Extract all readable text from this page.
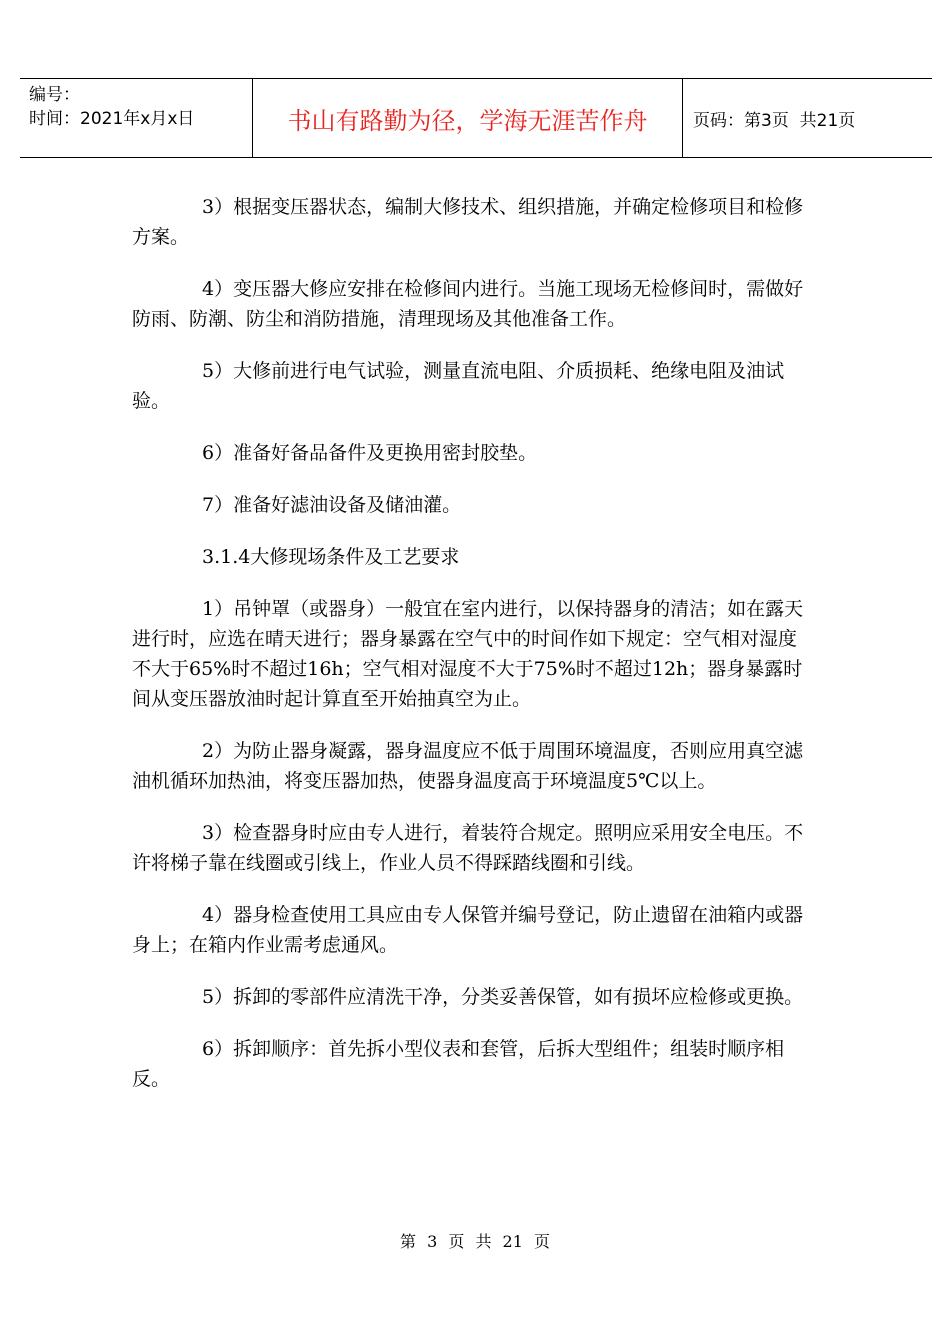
编号：
时间：2021年x月x日	书山有路勤为径，学海无涯苦作舟	页码：第3页  共21页

3）根据变压器状态，编制大修技术、组织措施，并确定检修项目和检修方案。

4）变压器大修应安排在检修间内进行。当施工现场无检修间时，需做好防雨、防潮、防尘和消防措施，清理现场及其他准备工作。

5）大修前进行电气试验，测量直流电阻、介质损耗、绝缘电阻及油试验。

6）准备好备品备件及更换用密封胶垫。

7）准备好滤油设备及储油灌。

3.1.4大修现场条件及工艺要求

1）吊钟罩（或器身）一般宜在室内进行，以保持器身的清洁；如在露天进行时，应选在晴天进行；器身暴露在空气中的时间作如下规定：空气相对湿度不大于65%时不超过16h；空气相对湿度不大于75%时不超过12h；器身暴露时间从变压器放油时起计算直至开始抽真空为止。

2）为防止器身凝露，器身温度应不低于周围环境温度，否则应用真空滤油机循环加热油，将变压器加热，使器身温度高于环境温度5℃以上。

3）检查器身时应由专人进行，着装符合规定。照明应采用安全电压。不许将梯子靠在线圈或引线上，作业人员不得踩踏线圈和引线。

4）器身检查使用工具应由专人保管并编号登记，防止遗留在油箱内或器身上；在箱内作业需考虑通风。

5）拆卸的零部件应清洗干净，分类妥善保管，如有损坏应检修或更换。

6）拆卸顺序：首先拆小型仪表和套管，后拆大型组件；组装时顺序相反。

第 3 页 共 21 页
